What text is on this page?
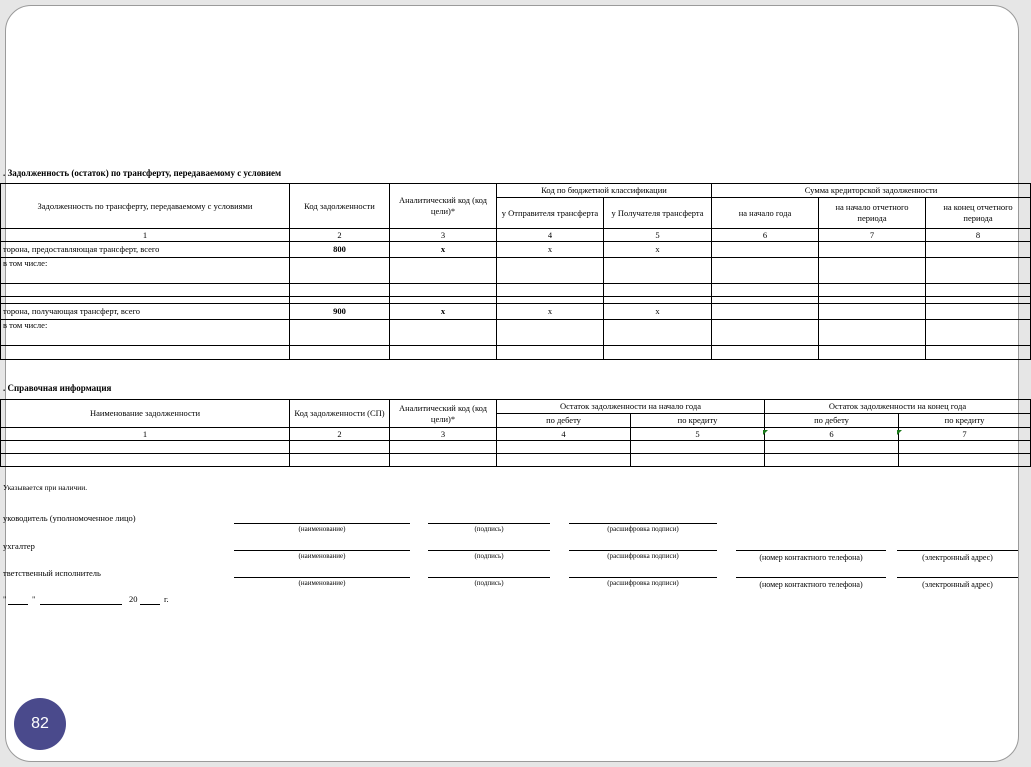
. Задолженность (остаток) по трансферту, передаваемому с условием
Задолженность по трансферту, передаваемому с условиями	Код задолженности	Аналитический код (код цели)*	Код по бюджетной классификации		Сумма кредиторской задолженности		
			у Отправителя трансферта	у Получателя трансферта	на начало года	на начало отчетного периода	на конец отчетного периода
1	2	3	4	5	6	7	8
торона, предоставляющая трансферт, всего	800	x	x	x			
в том числе:							

торона, получающая трансферт, всего	900	x	x	x			
в том числе:							

. Справочная информация
Наименование задолженности	Код задолженности (СП)	Аналитический код (код цели)*	Остаток задолженности на начало года		Остаток задолженности на конец года	
			по дебету	по кредиту	по дебету	по кредиту
1	2	3	4	5	6	7

Указывается при наличии.
уководитель (уполномоченное лицо)
(наименование)	(подпись)	(расшифровка подписи)
ухгалтер
(наименование)	(подпись)	(расшифровка подписи)	(номер контактного телефона)	(электронный адрес)
тветственный исполнитель
(наименование)	(подпись)	(расшифровка подписи)	(номер контактного телефона)	(электронный адрес)
"	"	20	г.
82
